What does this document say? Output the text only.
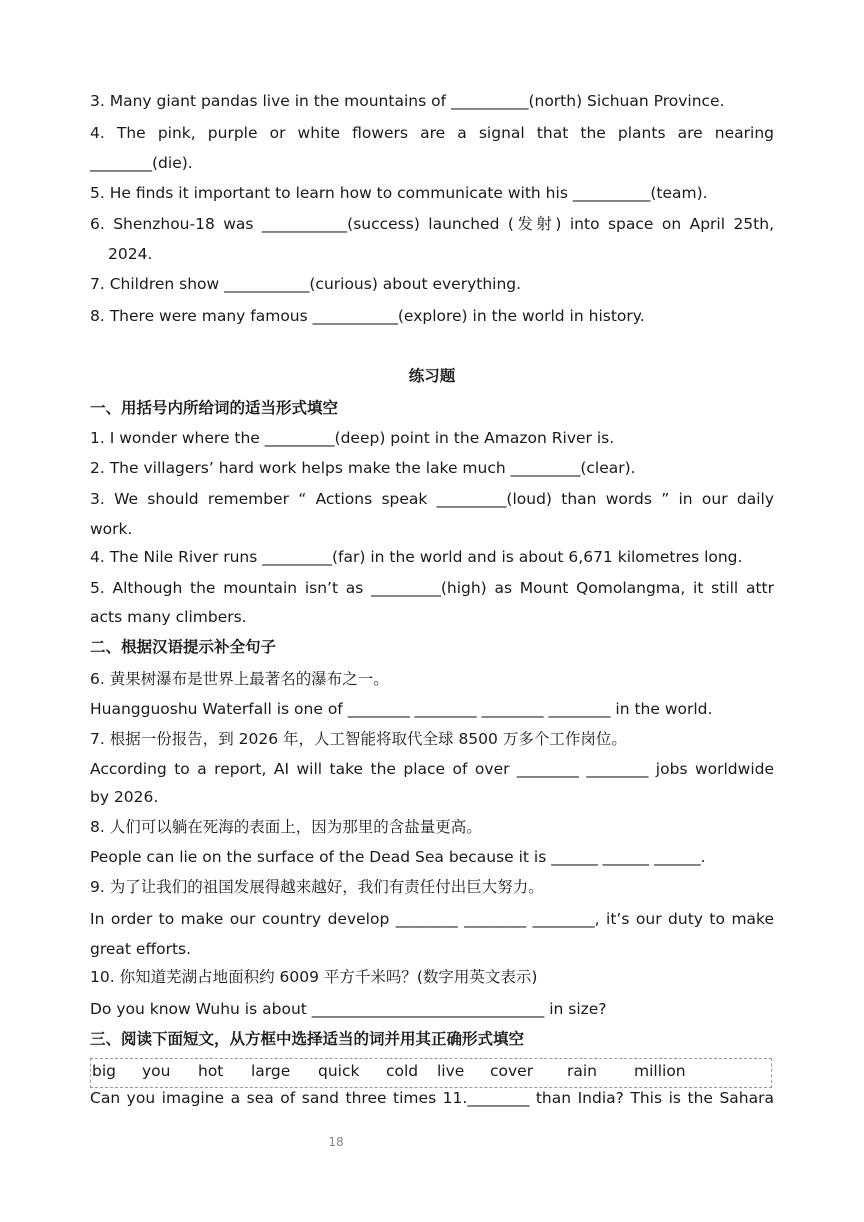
3. Many giant pandas live in the mountains of __________(north) Sichuan Province.
4. The pink, purple or white flowers are a signal that the plants are nearing
________(die).
5. He finds it important to learn how to communicate with his __________(team).
6. Shenzhou-18 was ___________(success) launched (发射) into space on April 25th,
2024.
7. Children show ___________(curious) about everything.
8. There were many famous ___________(explore) in the world in history.
练习题
一、用括号内所给词的适当形式填空
1. I wonder where the _________(deep) point in the Amazon River is.
2. The villagers’ hard work helps make the lake much _________(clear).
3. We should remember “ Actions speak _________(loud) than words ” in our daily
work.
4. The Nile River runs _________(far) in the world and is about 6,671 kilometres long.
5. Although the mountain isn’t as _________(high) as Mount Qomolangma, it still attr
acts many climbers.
二、根据汉语提示补全句子
6. 黄果树瀑布是世界上最著名的瀑布之一。
Huangguoshu Waterfall is one of ________ ________ ________ ________ in the world.
7. 根据一份报告，到 2026 年，人工智能将取代全球 8500 万多个工作岗位。
According to a report, AI will take the place of over ________ ________ jobs worldwide
by 2026.
8. 人们可以躺在死海的表面上，因为那里的含盐量更高。
People can lie on the surface of the Dead Sea because it is ______ ______ ______.
9. 为了让我们的祖国发展得越来越好，我们有责任付出巨大努力。
In order to make our country develop ________ ________ ________, it’s our duty to make
great efforts.
10. 你知道芜湖占地面积约 6009 平方千米吗？(数字用英文表示)
Do you know Wuhu is about ______________________________ in size?
三、阅读下面短文，从方框中选择适当的词并用其正确形式填空
big you hot large quick cold live cover rain million
Can you imagine a sea of sand three times 11.________ than India? This is the Sahara
18
